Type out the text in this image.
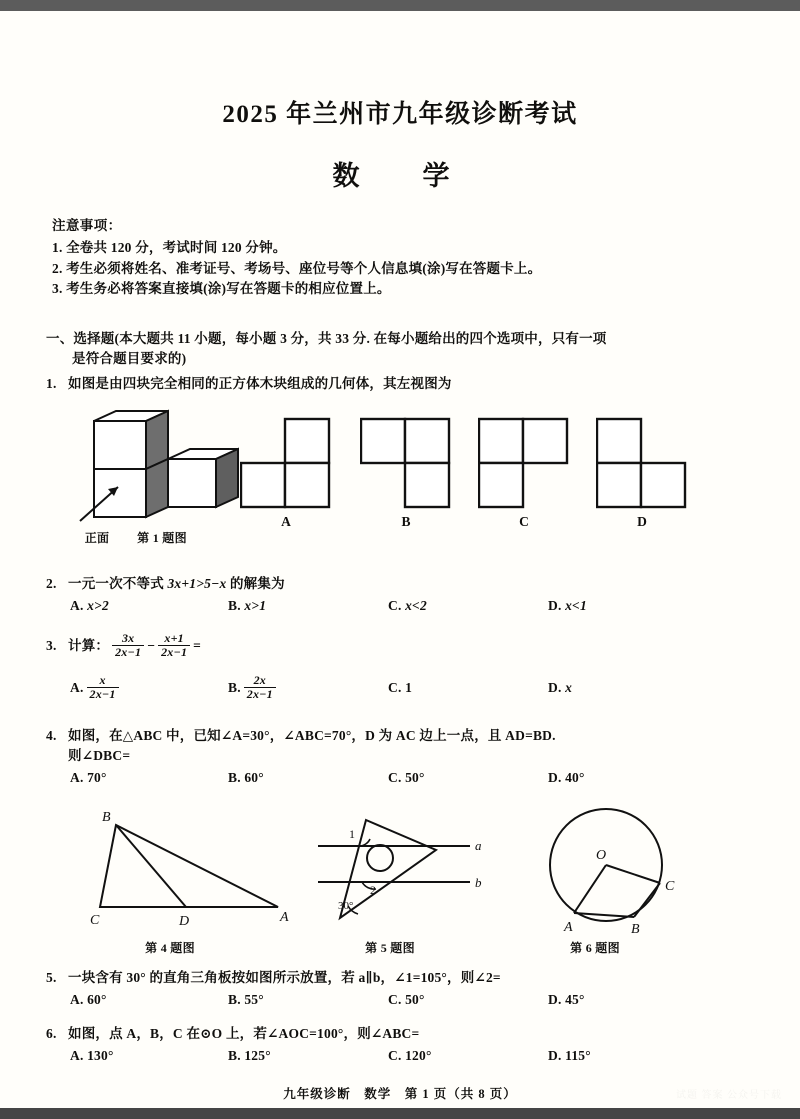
2025 年兰州市九年级诊断考试
数　学
注意事项：
1. 全卷共 120 分，考试时间 120 分钟。
2. 考生必须将姓名、准考证号、考场号、座位号等个人信息填(涂)写在答题卡上。
3. 考生务必将答案直接填(涂)写在答题卡的相应位置上。
一、选择题(本大题共 11 小题，每小题 3 分，共 33 分. 在每小题给出的四个选项中，只有一项
是符合题目要求的)
1. 如图是由四块完全相同的正方体木块组成的几何体，其左视图为
正面	第 1 题图
A	B	C	D
2. 一元一次不等式 3x+1>5−x 的解集为
A.
x>2	B.
x>1	C.
x<2	D.
x<1
3. 计算： $\frac{3x}{2x-1} - \frac{x+1}{2x-1}$ =
A. $\frac{x}{2x-1}$	B. $\frac{2x}{2x-1}$	C.
1	D.
x
4. 如图，在△ABC 中，已知∠A=30°，∠ABC=70°，D 为 AC 边上一点，且 AD=BD.
则∠DBC=
A.
70°	B.
60°	C.
50°	D.
40°
B
C	D	A
第 4 题图
1
2
30°
a
b
第 5 题图
O
A	B
C
第 6 题图
5. 一块含有 30° 的直角三角板按如图所示放置，若 a∥b，∠1=105°，则∠2=
A.
60°	B.
55°	C.
50°	D.
45°
6. 如图，点 A，B，C 在⊙O 上，若∠AOC=100°，则∠ABC=
A.
130°	B.
125°	C.
120°	D.
115°
九年级诊断　数学　第 1 页（共 8 页）	试题 答案 公众号下载
